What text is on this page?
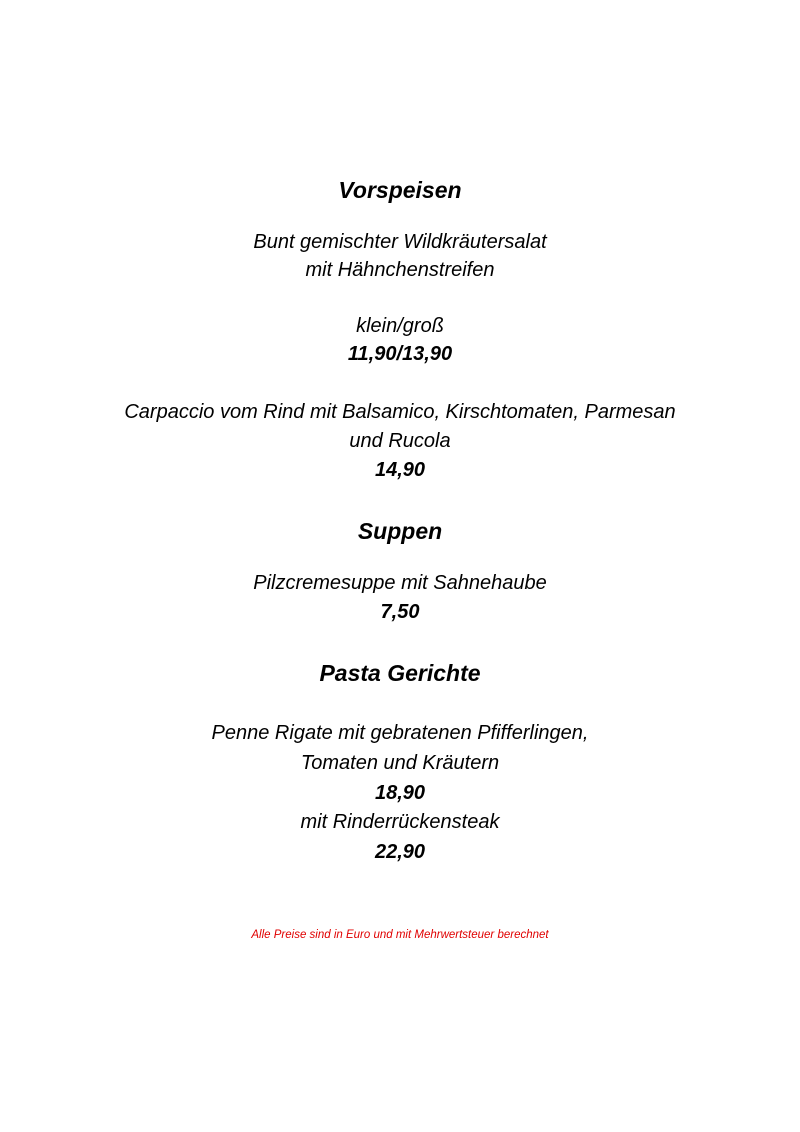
Vorspeisen
Bunt gemischter Wildkräutersalat
mit Hähnchenstreifen
klein/groß
11,90/13,90
Carpaccio vom Rind mit Balsamico, Kirschtomaten, Parmesan
und Rucola
14,90
Suppen
Pilzcremesuppe mit Sahnehaube
7,50
Pasta Gerichte
Penne Rigate mit gebratenen Pfifferlingen,
Tomaten und Kräutern
18,90
mit Rinderrückensteak
22,90
Alle Preise sind in Euro und mit Mehrwertsteuer berechnet
